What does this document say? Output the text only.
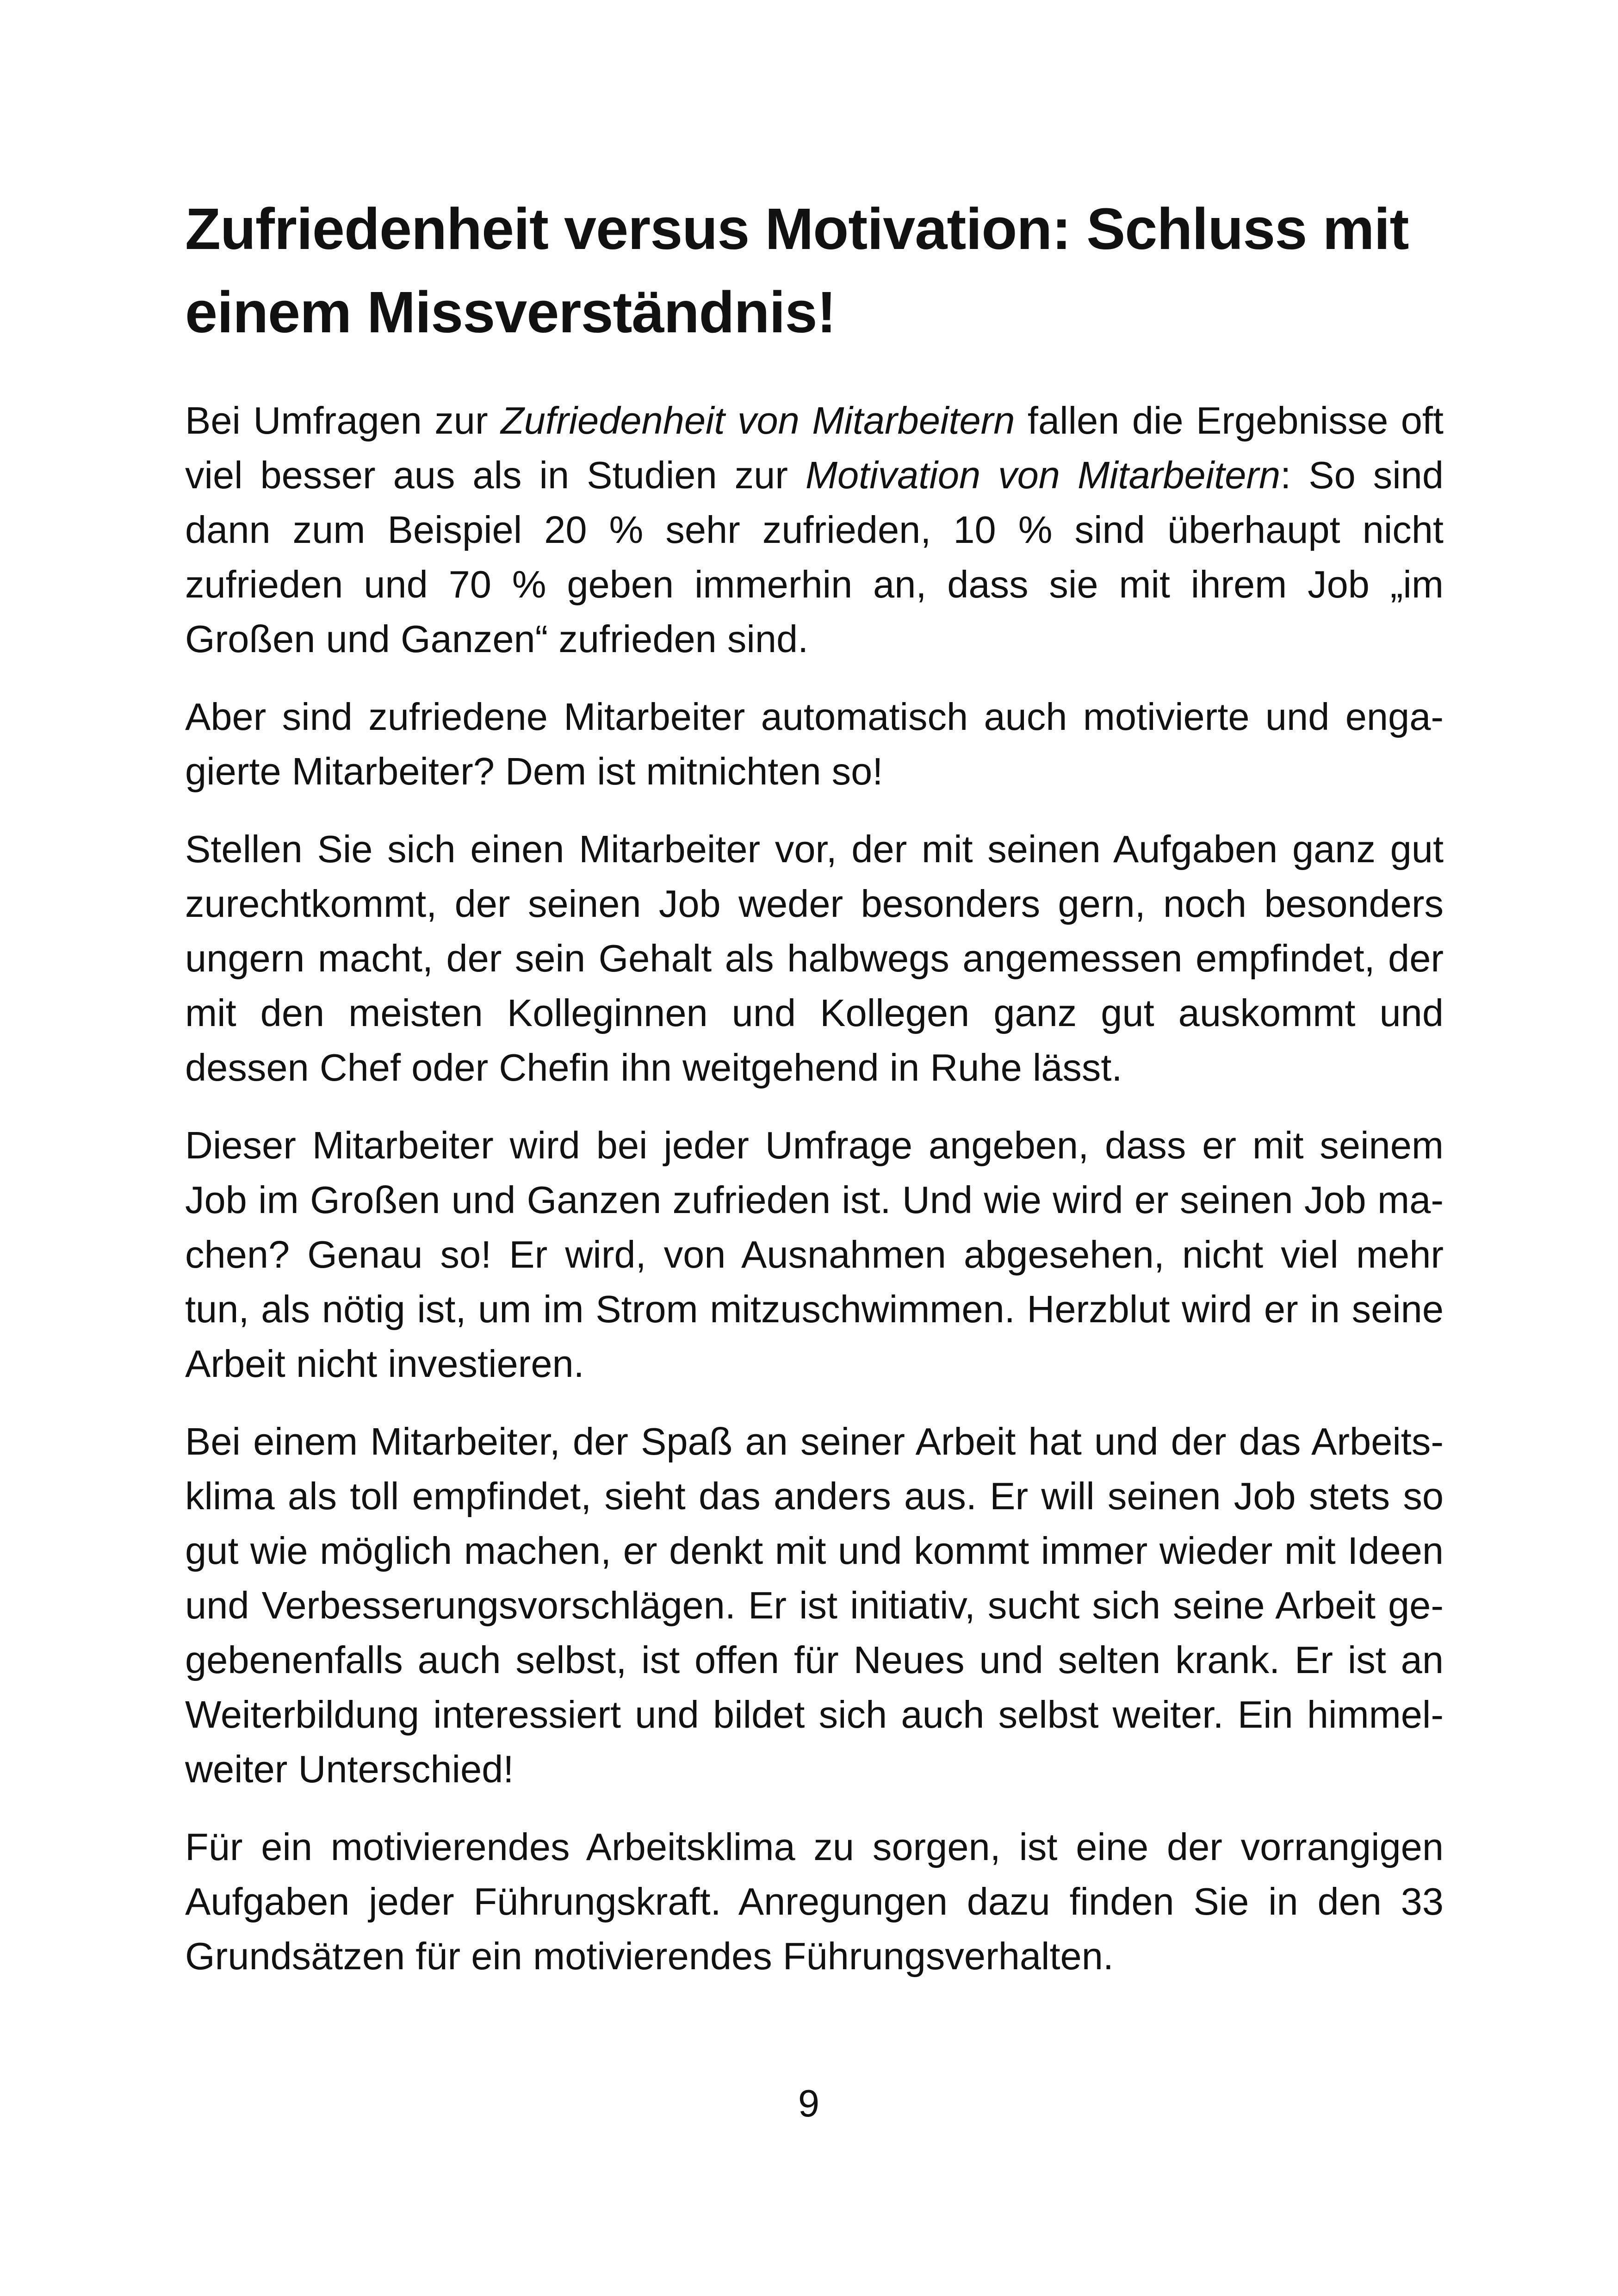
Zufriedenheit versus Motivation: Schluss mit einem Missverständnis!

Bei Umfragen zur Zufriedenheit von Mitarbeitern fallen die Ergebnisse oft viel besser aus als in Studien zur Motivation von Mitarbeitern: So sind dann zum Beispiel 20 % sehr zufrieden, 10 % sind überhaupt nicht zufrieden und 70 % geben immerhin an, dass sie mit ihrem Job „im Großen und Ganzen“ zufrieden sind.

Aber sind zufriedene Mitarbeiter automatisch auch motivierte und engagierte Mitarbeiter? Dem ist mitnichten so!

Stellen Sie sich einen Mitarbeiter vor, der mit seinen Aufgaben ganz gut zurechtkommt, der seinen Job weder besonders gern, noch besonders ungern macht, der sein Gehalt als halbwegs angemessen empfindet, der mit den meisten Kolleginnen und Kollegen ganz gut auskommt und dessen Chef oder Chefin ihn weitgehend in Ruhe lässt.

Dieser Mitarbeiter wird bei jeder Umfrage angeben, dass er mit seinem Job im Großen und Ganzen zufrieden ist. Und wie wird er seinen Job machen? Genau so! Er wird, von Ausnahmen abgesehen, nicht viel mehr tun, als nötig ist, um im Strom mitzuschwimmen. Herzblut wird er in seine Arbeit nicht investieren.

Bei einem Mitarbeiter, der Spaß an seiner Arbeit hat und der das Arbeitsklima als toll empfindet, sieht das anders aus. Er will seinen Job stets so gut wie möglich machen, er denkt mit und kommt immer wieder mit Ideen und Verbesserungsvorschlägen. Er ist initiativ, sucht sich seine Arbeit gegebenenfalls auch selbst, ist offen für Neues und selten krank. Er ist an Weiterbildung interessiert und bildet sich auch selbst weiter. Ein himmelweiter Unterschied!

Für ein motivierendes Arbeitsklima zu sorgen, ist eine der vorrangigen Aufgaben jeder Führungskraft. Anregungen dazu finden Sie in den 33 Grundsätzen für ein motivierendes Führungsverhalten.

9
